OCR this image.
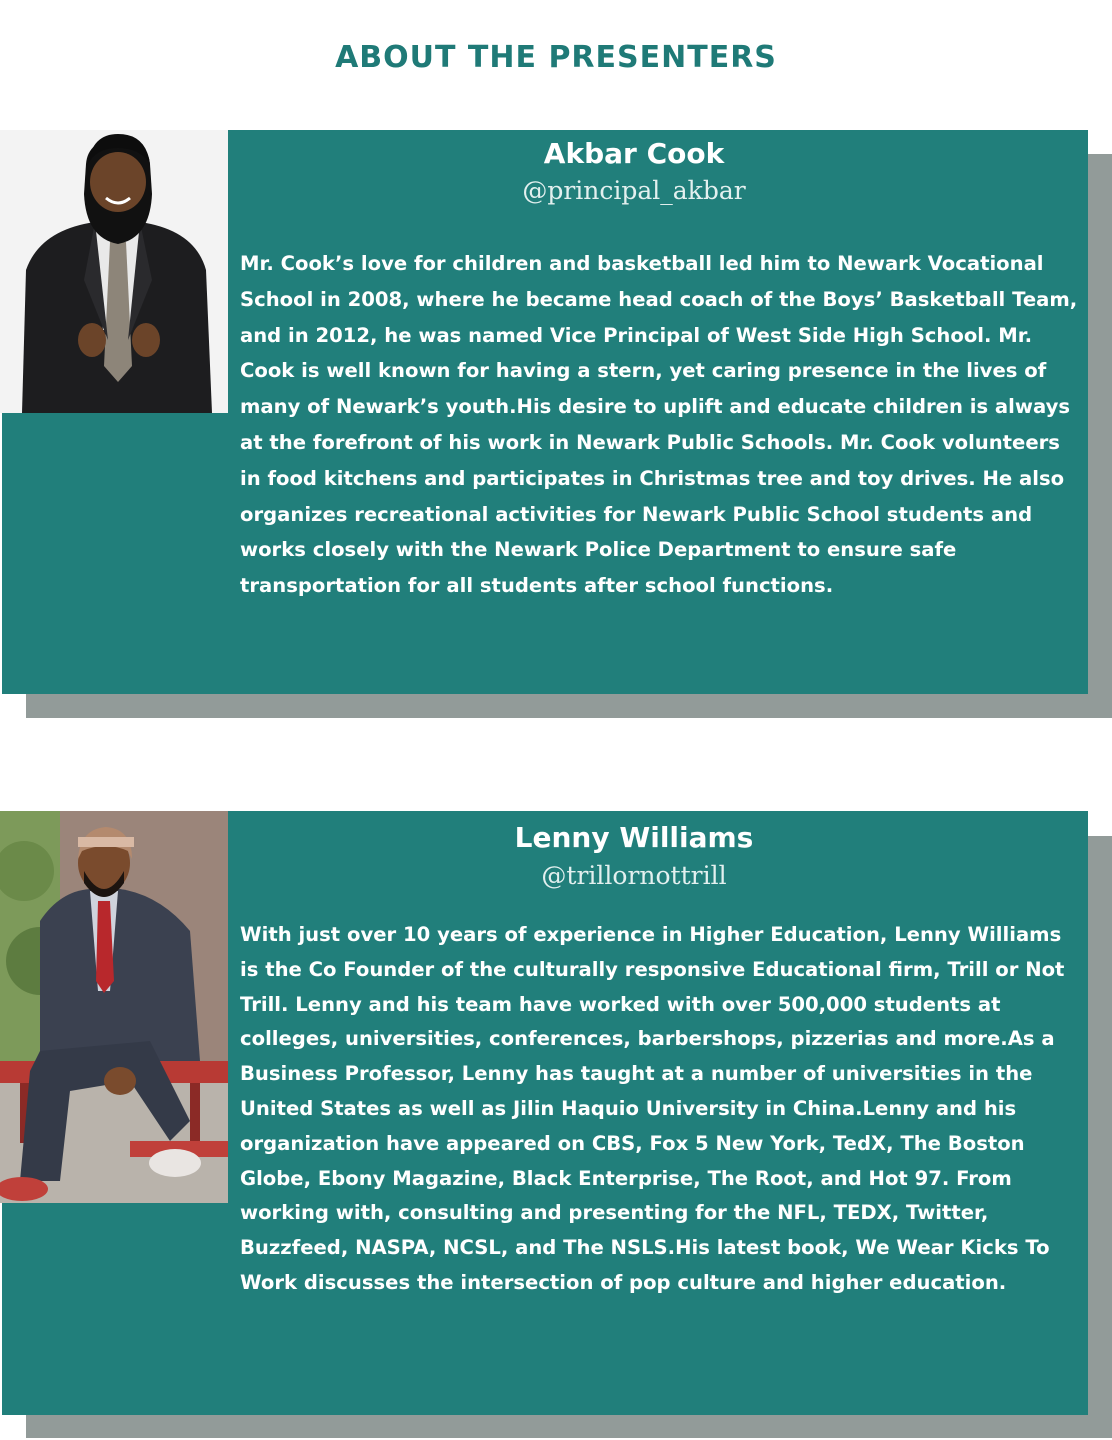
ABOUT THE PRESENTERS
Akbar Cook
@principal_akbar

Mr. Cook’s love for children and basketball led him to Newark Vocational School in 2008, where he became head coach of the Boys’ Basketball Team, and in 2012, he was named Vice Principal of West Side High School. Mr. Cook is well known for having a stern, yet caring presence in the lives of many of Newark’s youth.His desire to uplift and educate children is always at the forefront of his work in Newark Public Schools. Mr. Cook volunteers in food kitchens and participates in Christmas tree and toy drives. He also organizes recreational activities for Newark Public School students and works closely with the Newark Police Department to ensure safe transportation for all students after school functions.

Lenny Williams
@trillornottrill

With just over 10 years of experience in Higher Education, Lenny Williams is the Co Founder of the culturally responsive Educational firm, Trill or Not Trill. Lenny and his team have worked with over 500,000 students at colleges, universities, conferences, barbershops, pizzerias and more.As a Business Professor, Lenny has taught at a number of universities in the United States as well as Jilin Haquio University in China.Lenny and his organization have appeared on CBS, Fox 5 New York, TedX, The Boston Globe, Ebony Magazine, Black Enterprise, The Root, and Hot 97. From working with, consulting and presenting for the NFL, TEDX, Twitter, Buzzfeed, NASPA, NCSL, and The NSLS.His latest book, We Wear Kicks To Work discusses the intersection of pop culture and higher education.
